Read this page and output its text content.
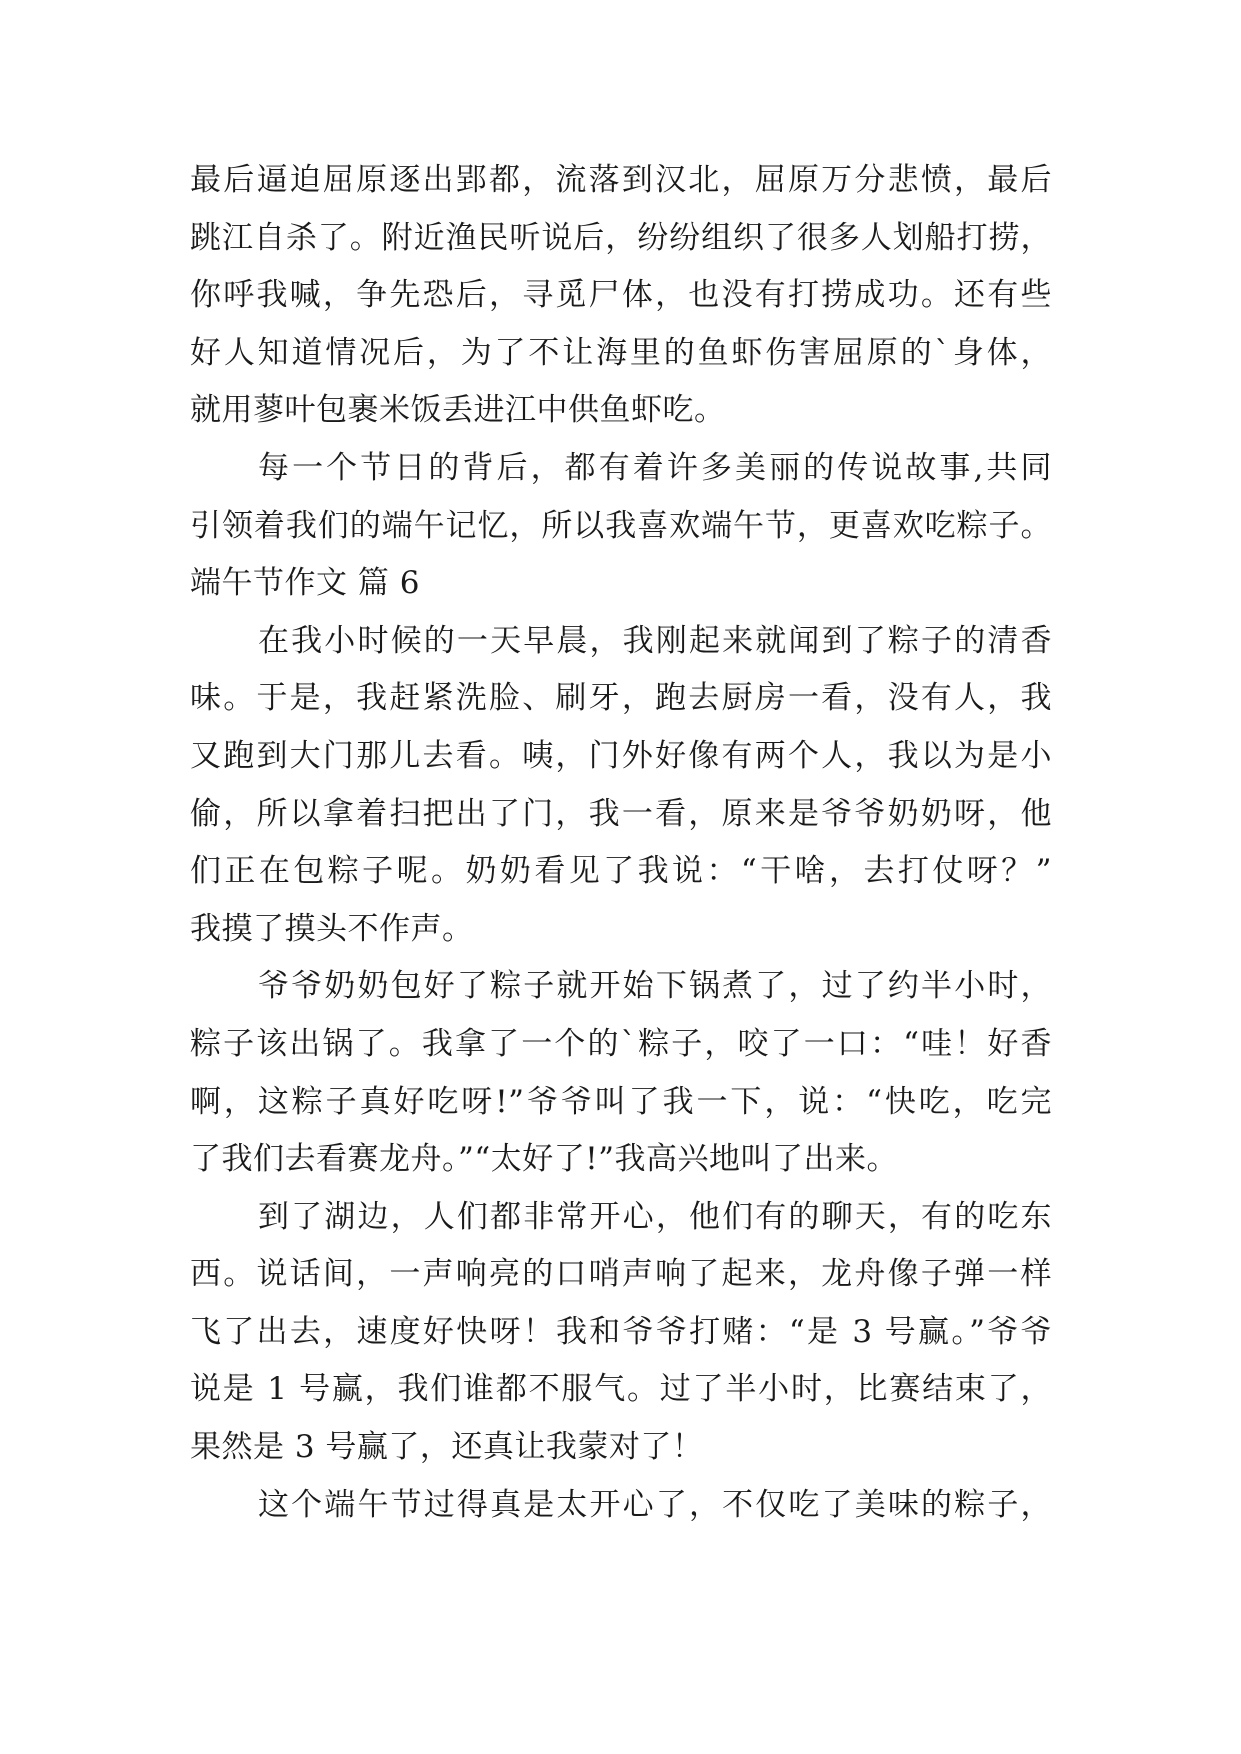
最后逼迫屈原逐出郢都，流落到汉北，屈原万分悲愤，最后
跳江自杀了。附近渔民听说后，纷纷组织了很多人划船打捞，
你呼我喊，争先恐后，寻觅尸体，也没有打捞成功。还有些
好人知道情况后，为了不让海里的鱼虾伤害屈原的`身体，
就用蓼叶包裹米饭丢进江中供鱼虾吃。
每一个节日的背后，都有着许多美丽的传说故事,共同
引领着我们的端午记忆，所以我喜欢端午节，更喜欢吃粽子。
端午节作文 篇 6
在我小时候的一天早晨，我刚起来就闻到了粽子的清香
味。于是，我赶紧洗脸、刷牙，跑去厨房一看，没有人，我
又跑到大门那儿去看。咦，门外好像有两个人，我以为是小
偷，所以拿着扫把出了门，我一看，原来是爷爷奶奶呀，他
们正在包粽子呢。奶奶看见了我说：“干啥，去打仗呀？”
我摸了摸头不作声。
爷爷奶奶包好了粽子就开始下锅煮了，过了约半小时，
粽子该出锅了。我拿了一个的`粽子，咬了一口：“哇！好香
啊，这粽子真好吃呀!”爷爷叫了我一下，说：“快吃，吃完
了我们去看赛龙舟。”“太好了!”我高兴地叫了出来。
到了湖边，人们都非常开心，他们有的聊天，有的吃东
西。说话间，一声响亮的口哨声响了起来，龙舟像子弹一样
飞了出去，速度好快呀！我和爷爷打赌：“是 3 号赢。”爷爷
说是 1 号赢，我们谁都不服气。过了半小时，比赛结束了，
果然是 3 号赢了，还真让我蒙对了！
这个端午节过得真是太开心了，不仅吃了美味的粽子，
